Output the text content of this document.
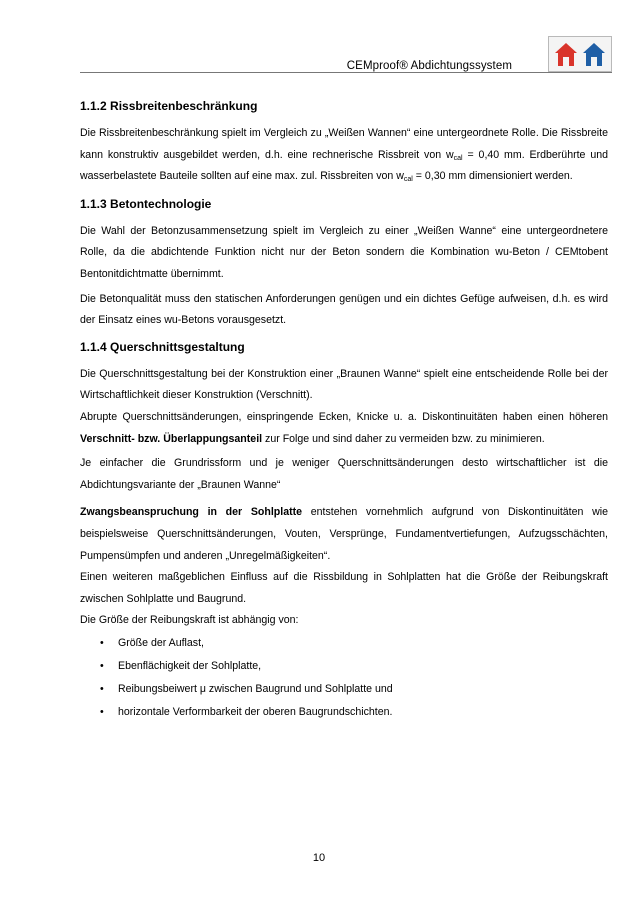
CEMproof® Abdichtungssystem
1.1.2 Rissbreitenbeschränkung

Die Rissbreitenbeschränkung spielt im Vergleich zu „Weißen Wannen“ eine untergeordnete Rolle. Die Rissbreite kann konstruktiv ausgebildet werden, d.h. eine rechnerische Rissbreit von $w_{cal} = 0,40$ mm. Erdberührte und wasserbelastete Bauteile sollten auf eine max. zul. Rissbreiten von $w_{cal} = 0,30$ mm dimensioniert werden.

1.1.3 Betontechnologie

Die Wahl der Betonzusammensetzung spielt im Vergleich zu einer „Weißen Wanne“ eine untergeordnetere Rolle, da die abdichtende Funktion nicht nur der Beton sondern die Kombination wu-Beton / CEMtobent Bentonitdichtmatte übernimmt.

Die Betonqualität muss den statischen Anforderungen genügen und ein dichtes Gefüge aufweisen, d.h. es wird der Einsatz eines wu-Betons vorausgesetzt.

1.1.4 Querschnittsgestaltung

Die Querschnittsgestaltung bei der Konstruktion einer „Braunen Wanne“ spielt eine entscheidende Rolle bei der Wirtschaftlichkeit dieser Konstruktion (Verschnitt).

Abrupte Querschnittsänderungen, einspringende Ecken, Knicke u. a. Diskontinuitäten haben einen höheren Verschnitt- bzw. Überlappungsanteil zur Folge und sind daher zu vermeiden bzw. zu minimieren.

Je einfacher die Grundrissform und je weniger Querschnittsänderungen desto wirtschaftlicher ist die Abdichtungsvariante der „Braunen Wanne“

Zwangsbeanspruchung in der Sohlplatte entstehen vornehmlich aufgrund von Diskontinuitäten wie beispielsweise Querschnittsänderungen, Vouten, Versprünge, Fundamentvertiefungen, Aufzugsschächten, Pumpensümpfen und anderen „Unregelmäßigkeiten“.

Einen weiteren maßgeblichen Einfluss auf die Rissbildung in Sohlplatten hat die Größe der Reibungskraft zwischen Sohlplatte und Baugrund.

Die Größe der Reibungskraft ist abhängig von:

• Größe der Auflast,
• Ebenflächigkeit der Sohlplatte,
• Reibungsbeiwert μ zwischen Baugrund und Sohlplatte und
• horizontale Verformbarkeit der oberen Baugrundschichten.
10
